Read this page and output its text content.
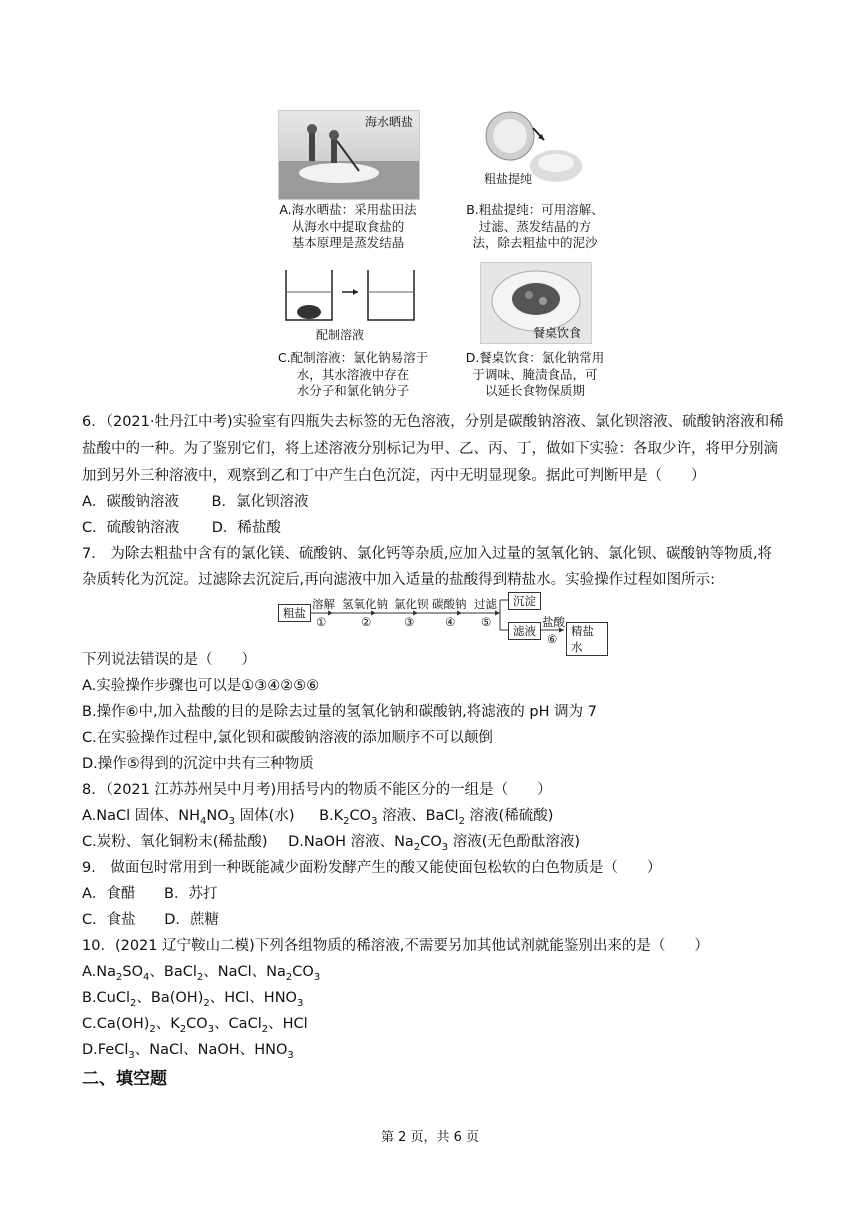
海水晒盐
A.海水晒盐：采用盐田法
从海水中提取食盐的
基本原理是蒸发结晶
粗盐提纯
B.粗盐提纯：可用溶解、
过滤、蒸发结晶的方
法，除去粗盐中的泥沙
配制溶液
C.配制溶液：氯化钠易溶于
水，其水溶液中存在
水分子和氯化钠分子
餐桌饮食
D.餐桌饮食：氯化钠常用
于调味、腌渍食品，可
以延长食物保质期
6．（2021·牡丹江中考)实验室有四瓶失去标签的无色溶液，分别是碳酸钠溶液、氯化钡溶液、硫酸钠溶液和稀
盐酸中的一种。为了鉴别它们，将上述溶液分别标记为甲、乙、丙、丁，做如下实验：各取少许，将甲分别滴
加到另外三种溶液中，观察到乙和丁中产生白色沉淀，丙中无明显现象。据此可判断甲是（　　）
A．碳酸钠溶液 B．氯化钡溶液
C．硫酸钠溶液 D．稀盐酸
7． 为除去粗盐中含有的氯化镁、硫酸钠、氯化钙等杂质,应加入过量的氢氧化钠、氯化钡、碳酸钠等物质,将
杂质转化为沉淀。过滤除去沉淀后,再向滤液中加入适量的盐酸得到精盐水。实验操作过程如图所示:
粗盐
溶解
①
氢氧化钠
②
氯化钡
③
碳酸钠
④
过滤
⑤
沉淀
滤液
盐酸
⑥
精盐水
下列说法错误的是（　　）
A.实验操作步骤也可以是①③④②⑤⑥
B.操作⑥中,加入盐酸的目的是除去过量的氢氧化钠和碳酸钠,将滤液的 pH 调为 7
C.在实验操作过程中,氯化钡和碳酸钠溶液的添加顺序不可以颠倒
D.操作⑤得到的沉淀中共有三种物质
8．（2021 江苏苏州吴中月考)用括号内的物质不能区分的一组是（　　）
A.NaCl 固体、$NH_4NO_3$ 固体(水) $B.K_2CO_3$ 溶液、BaCl$_2$ 溶液(稀硫酸)
C.炭粉、氧化铜粉末(稀盐酸) D.NaOH 溶液、$Na_2CO_3$ 溶液(无色酚酞溶液)
9． 做面包时常用到一种既能减少面粉发酵产生的酸又能使面包松软的白色物质是（　　）
A．食醋 B．苏打
C．食盐 D．蔗糖
10．(2021 辽宁鞍山二模)下列各组物质的稀溶液,不需要另加其他试剂就能鉴别出来的是（　　）
$A.Na_2SO_4$、BaCl$_2$、NaCl、$Na_2CO_3$
B.CuCl$_2$、$Ba(OH)_2$、HCl、$HNO_3$
$C.Ca(OH)_2$、$K_2CO_3$、CaCl$_2$、HCl
D.FeCl$_3$、NaCl、NaOH、$HNO_3$
二、填空题
第 2 页，共 6 页
